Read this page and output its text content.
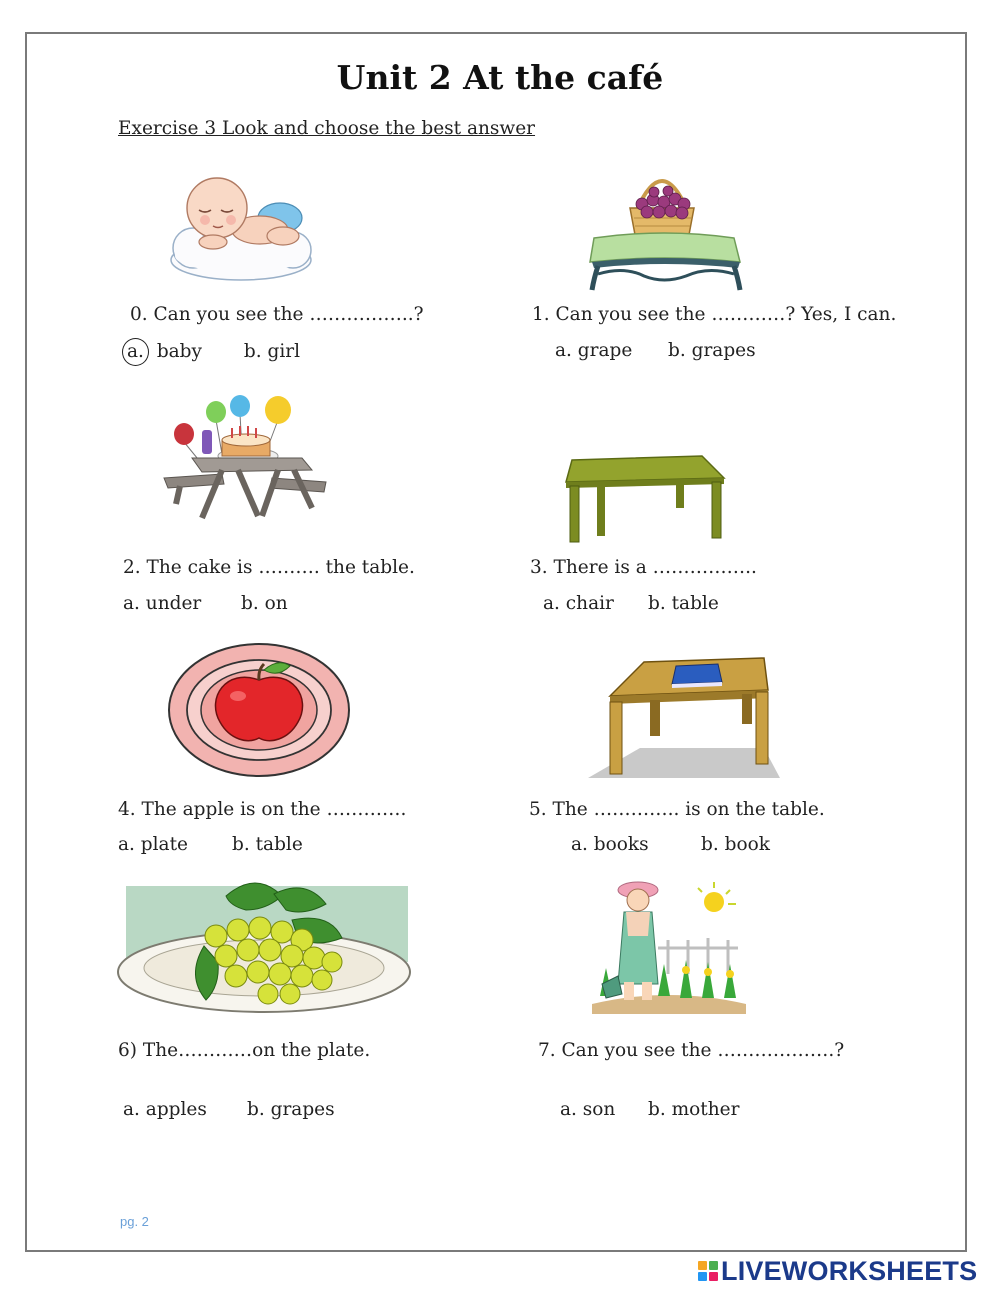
Unit 2 At the café
Exercise 3 Look and choose the best answer
0. Can you see the ……………..?
a. baby b. girl
1. Can you see the …………? Yes, I can.
a. grape b. grapes
2. The cake is ………. the table.
a. under b. on
3. There is a ……………..
a. chair b. table
4. The apple is on the ………….
a. plate b. table
5. The ………….. is on the table.
a. books	b. book
6) The…………on the plate.
a. apples b. grapes
7. Can you see the ……………….?
a. son b. mother
pg. 2
LIVEWORKSHEETS
